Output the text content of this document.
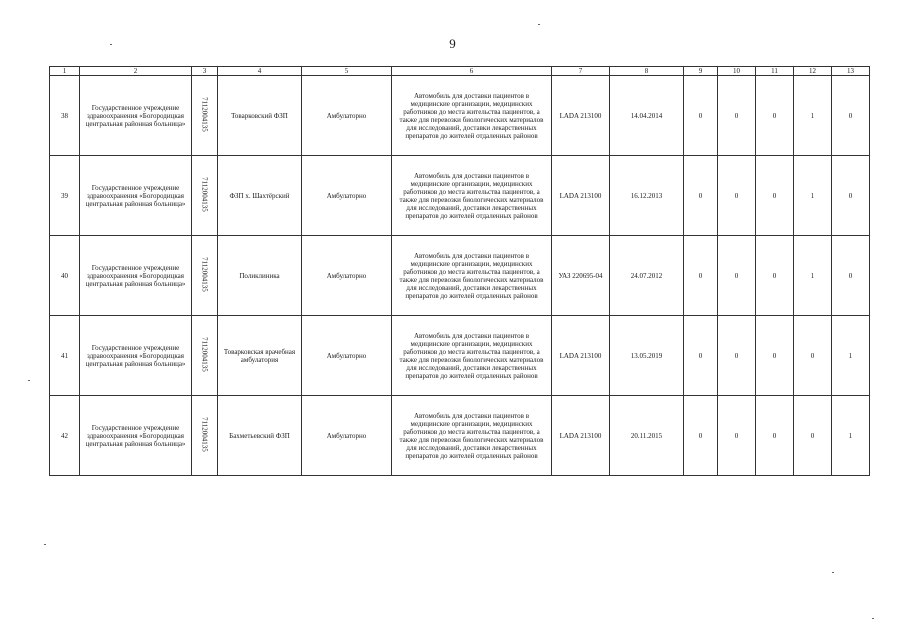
9
1	2	3	4	5	6	7	8	9	10	11	12	13
38	Государственное учреждение здравоохранения «Богородицкая центральная районная больница»	7112004135	Товарковский ФЗП	Амбулаторно	Автомобиль для доставки пациентов в медицинские организации, медицинских работников до места жительства пациентов, а также для перевозки биологических материалов для исследований, доставки лекарственных препаратов до жителей отдаленных районов	LADA 213100	14.04.2014	0	0	0	1	0
39	Государственное учреждение здравоохранения «Богородицкая центральная районная больница»	7112004135	ФЗП х. Шахтёрский	Амбулаторно	Автомобиль для доставки пациентов в медицинские организации, медицинских работников до места жительства пациентов, а также для перевозки биологических материалов для исследований, доставки лекарственных препаратов до жителей отдаленных районов	LADA 213100	16.12.2013	0	0	0	1	0
40	Государственное учреждение здравоохранения «Богородицкая центральная районная больница»	7112004135	Поликлиника	Амбулаторно	Автомобиль для доставки пациентов в медицинские организации, медицинских работников до места жительства пациентов, а также для перевозки биологических материалов для исследований, доставки лекарственных препаратов до жителей отдаленных районов	УАЗ 220695-04	24.07.2012	0	0	0	1	0
41	Государственное учреждение здравоохранения «Богородицкая центральная районная больница»	7112004135	Товарковская врачебная амбулатория	Амбулаторно	Автомобиль для доставки пациентов в медицинские организации, медицинских работников до места жительства пациентов, а также для перевозки биологических материалов для исследований, доставки лекарственных препаратов до жителей отдаленных районов	LADA 213100	13.05.2019	0	0	0	0	1
42	Государственное учреждение здравоохранения «Богородицкая центральная районная больница»	7112004135	Бахметьевский ФЗП	Амбулаторно	Автомобиль для доставки пациентов в медицинские организации, медицинских работников до места жительства пациентов, а также для перевозки биологических материалов для исследований, доставки лекарственных препаратов до жителей отдаленных районов	LADA 213100	20.11.2015	0	0	0	0	1
